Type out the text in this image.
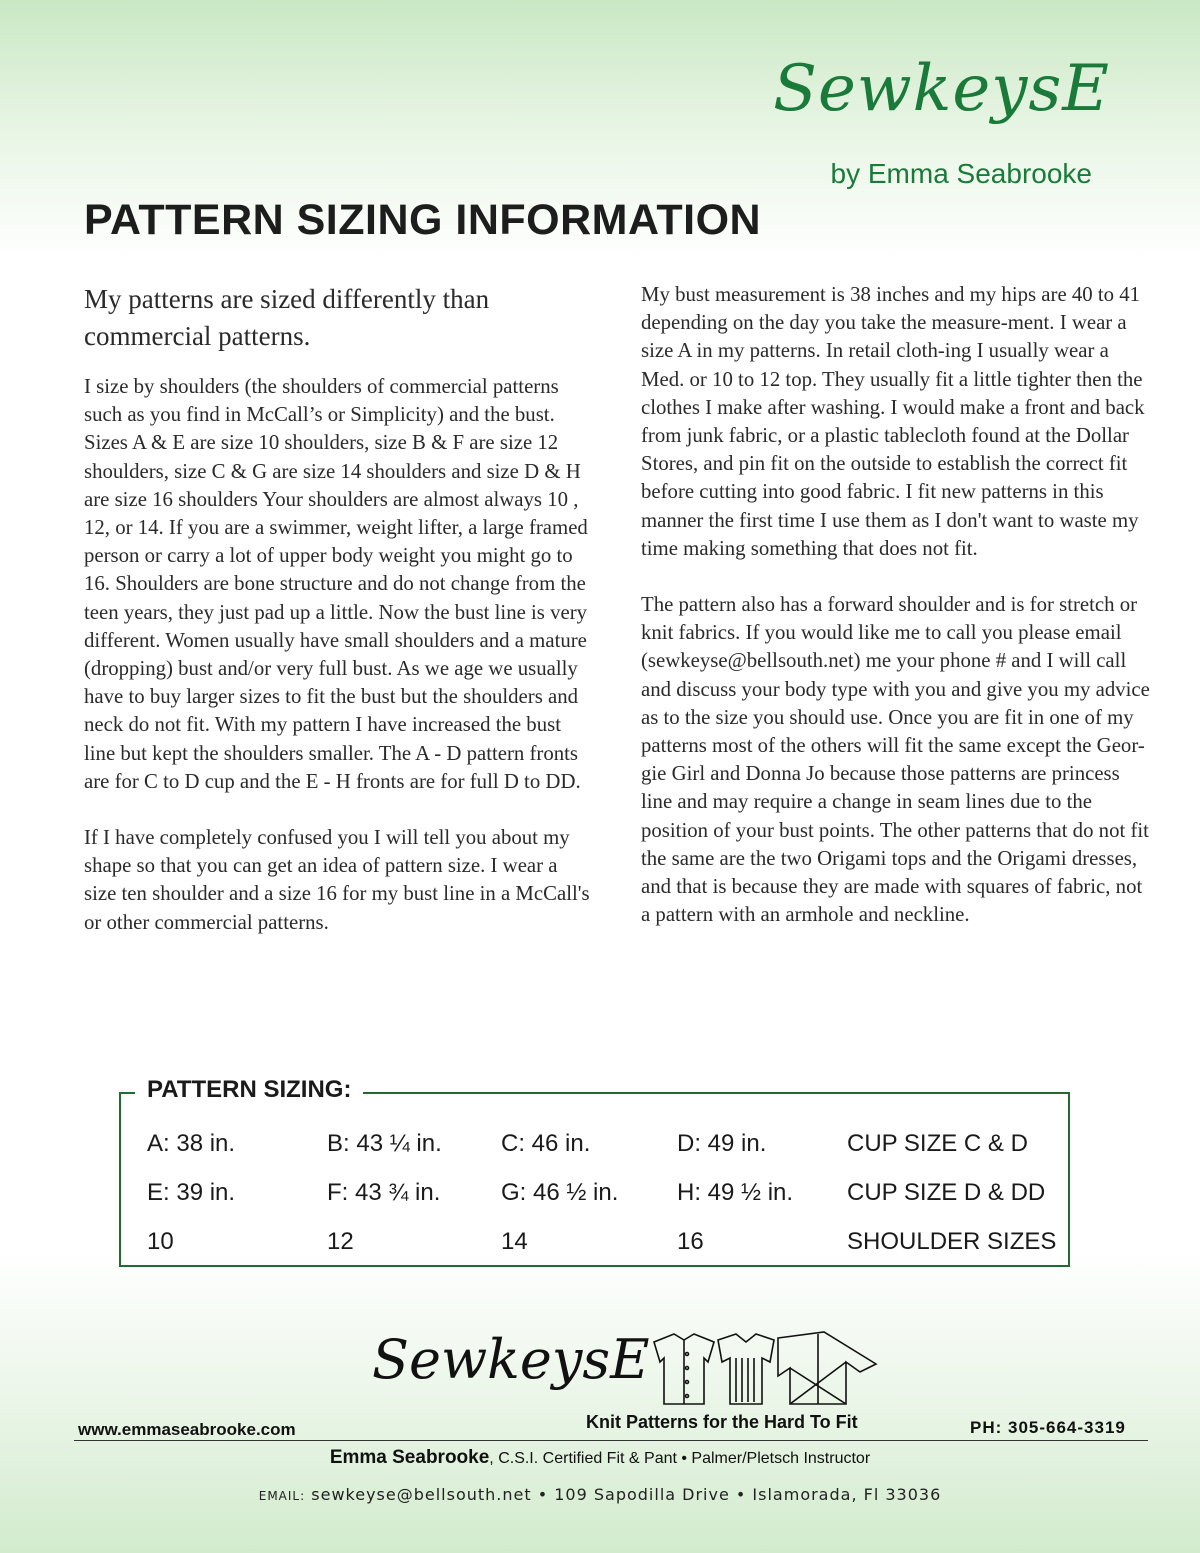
SewkeysE
by Emma Seabrooke
PATTERN SIZING INFORMATION

My patterns are sized differently than commercial patterns.

I size by shoulders (the shoulders of commercial patterns such as you find in McCall’s or Simplicity) and the bust. Sizes A & E are size 10 shoulders, size B & F are size 12 shoulders, size C & G are size 14 shoulders and size D & H are size 16 shoulders Your shoulders are almost always 10 , 12, or 14. If you are a swimmer, weight lifter, a large framed person or carry a lot of upper body weight you might go to 16. Shoulders are bone structure and do not change from the teen years, they just pad up a little. Now the bust line is very different. Women usually have small shoulders and a mature (dropping) bust and/or very full bust. As we age we usually have to buy larger sizes to fit the bust but the shoulders and neck do not fit. With my pattern I have increased the bust line but kept the shoulders smaller. The A - D pattern fronts are for C to D cup and the E - H fronts are for full D to DD.

If I have completely confused you I will tell you about my shape so that you can get an idea of pattern size. I wear a size ten shoulder and a size 16 for my bust line in a McCall's or other commercial patterns.

My bust measurement is 38 inches and my hips are 40 to 41 depending on the day you take the measure-ment. I wear a size A in my patterns. In retail cloth-ing I usually wear a Med. or 10 to 12 top. They usually fit a little tighter then the clothes I make after washing. I would make a front and back from junk fabric, or a plastic tablecloth found at the Dollar Stores, and pin fit on the outside to establish the correct fit before cutting into good fabric. I fit new patterns in this manner the first time I use them as I don't want to waste my time making something that does not fit.

The pattern also has a forward shoulder and is for stretch or knit fabrics. If you would like me to call you please email (sewkeyse@bellsouth.net) me your phone # and I will call and discuss your body type with you and give you my advice as to the size you should use. Once you are fit in one of my patterns most of the others will fit the same except the Geor-gie Girl and Donna Jo because those patterns are princess line and may require a change in seam lines due to the position of your bust points. The other patterns that do not fit the same are the two Origami tops and the Origami dresses, and that is because they are made with squares of fabric, not a pattern with an armhole and neckline.

PATTERN SIZING:
A: 38 in.	B: 43 ¼ in. C: 46 in.	D: 49 in.	CUP SIZE C & D
E: 39 in.	F: 43 ¾ in.	G: 46 ½ in. H: 49 ½ in. CUP SIZE D & DD
10	12	14	16	SHOULDER SIZES
SewkeysE
Knit Patterns for the Hard To Fit
www.emmaseabrooke.com	PH: 305-664-3319
Emma Seabrooke, C.S.I. Certified Fit & Pant • Palmer/Pletsch Instructor
EMAIL: sewkeyse@bellsouth.net • 109 Sapodilla Drive • Islamorada, Fl 33036
